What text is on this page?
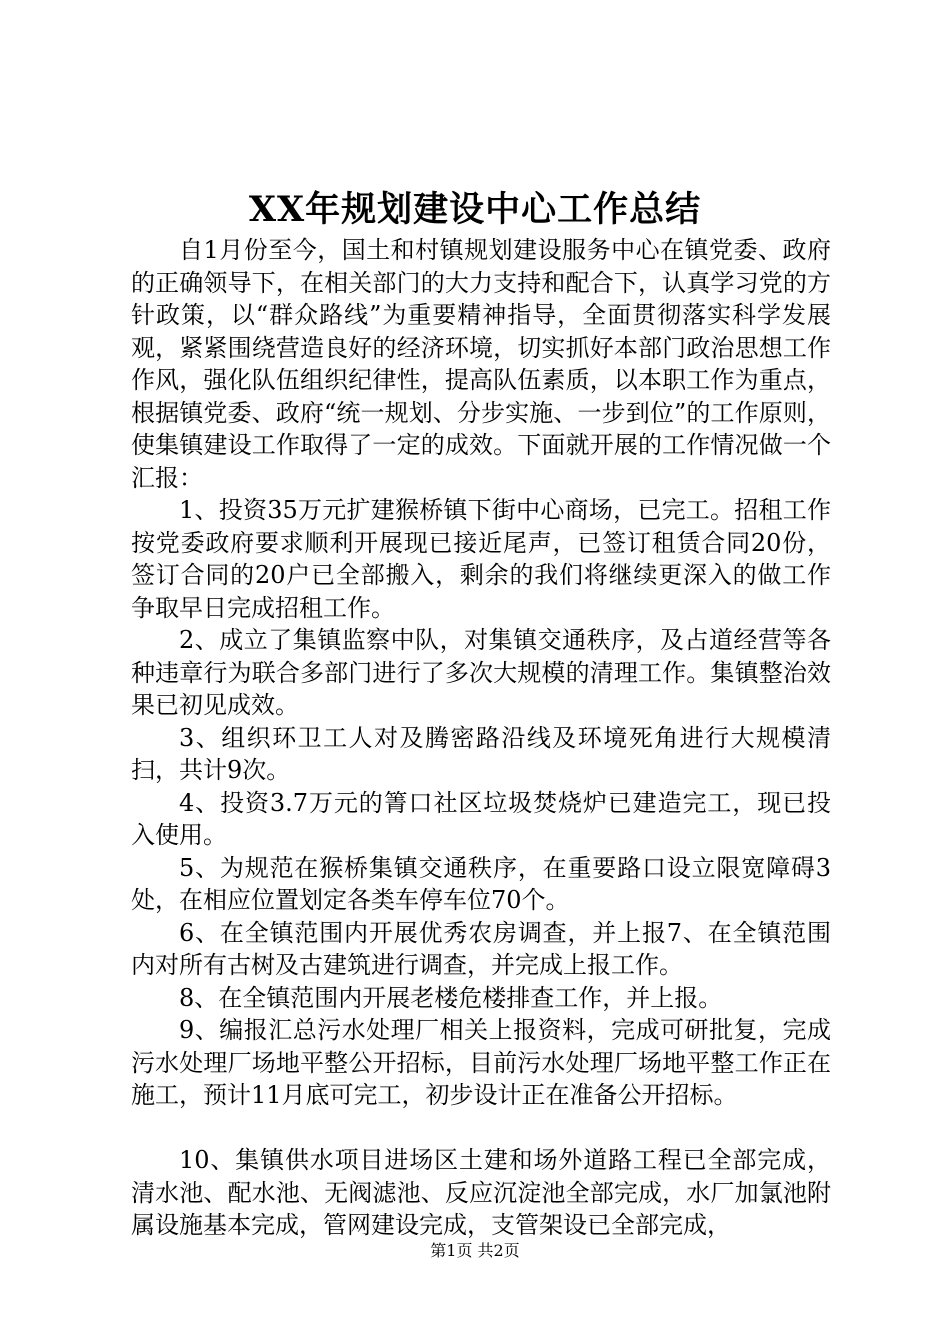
XX年规划建设中心工作总结

自1月份至今，国土和村镇规划建设服务中心在镇党委、政府的正确领导下，在相关部门的大力支持和配合下，认真学习党的方针政策，以“群众路线”为重要精神指导，全面贯彻落实科学发展观，紧紧围绕营造良好的经济环境，切实抓好本部门政治思想工作作风，强化队伍组织纪律性，提高队伍素质，以本职工作为重点，根据镇党委、政府“统一规划、分步实施、一步到位”的工作原则，使集镇建设工作取得了一定的成效。下面就开展的工作情况做一个汇报：

1、投资35万元扩建猴桥镇下街中心商场，已完工。招租工作按党委政府要求顺利开展现已接近尾声，已签订租赁合同20份，签订合同的20户已全部搬入，剩余的我们将继续更深入的做工作争取早日完成招租工作。

2、成立了集镇监察中队，对集镇交通秩序，及占道经营等各种违章行为联合多部门进行了多次大规模的清理工作。集镇整治效果已初见成效。

3、组织环卫工人对及腾密路沿线及环境死角进行大规模清扫，共计9次。

4、投资3.7万元的箐口社区垃圾焚烧炉已建造完工，现已投入使用。

5、为规范在猴桥集镇交通秩序，在重要路口设立限宽障碍3处，在相应位置划定各类车停车位70个。

6、在全镇范围内开展优秀农房调查，并上报7、在全镇范围内对所有古树及古建筑进行调查，并完成上报工作。

8、在全镇范围内开展老楼危楼排查工作，并上报。

9、编报汇总污水处理厂相关上报资料，完成可研批复，完成污水处理厂场地平整公开招标，目前污水处理厂场地平整工作正在施工，预计11月底可完工，初步设计正在准备公开招标。

10、集镇供水项目进场区土建和场外道路工程已全部完成，清水池、配水池、无阀滤池、反应沉淀池全部完成，水厂加氯池附属设施基本完成，管网建设完成，支管架设已全部完成，

第1页 共2页
